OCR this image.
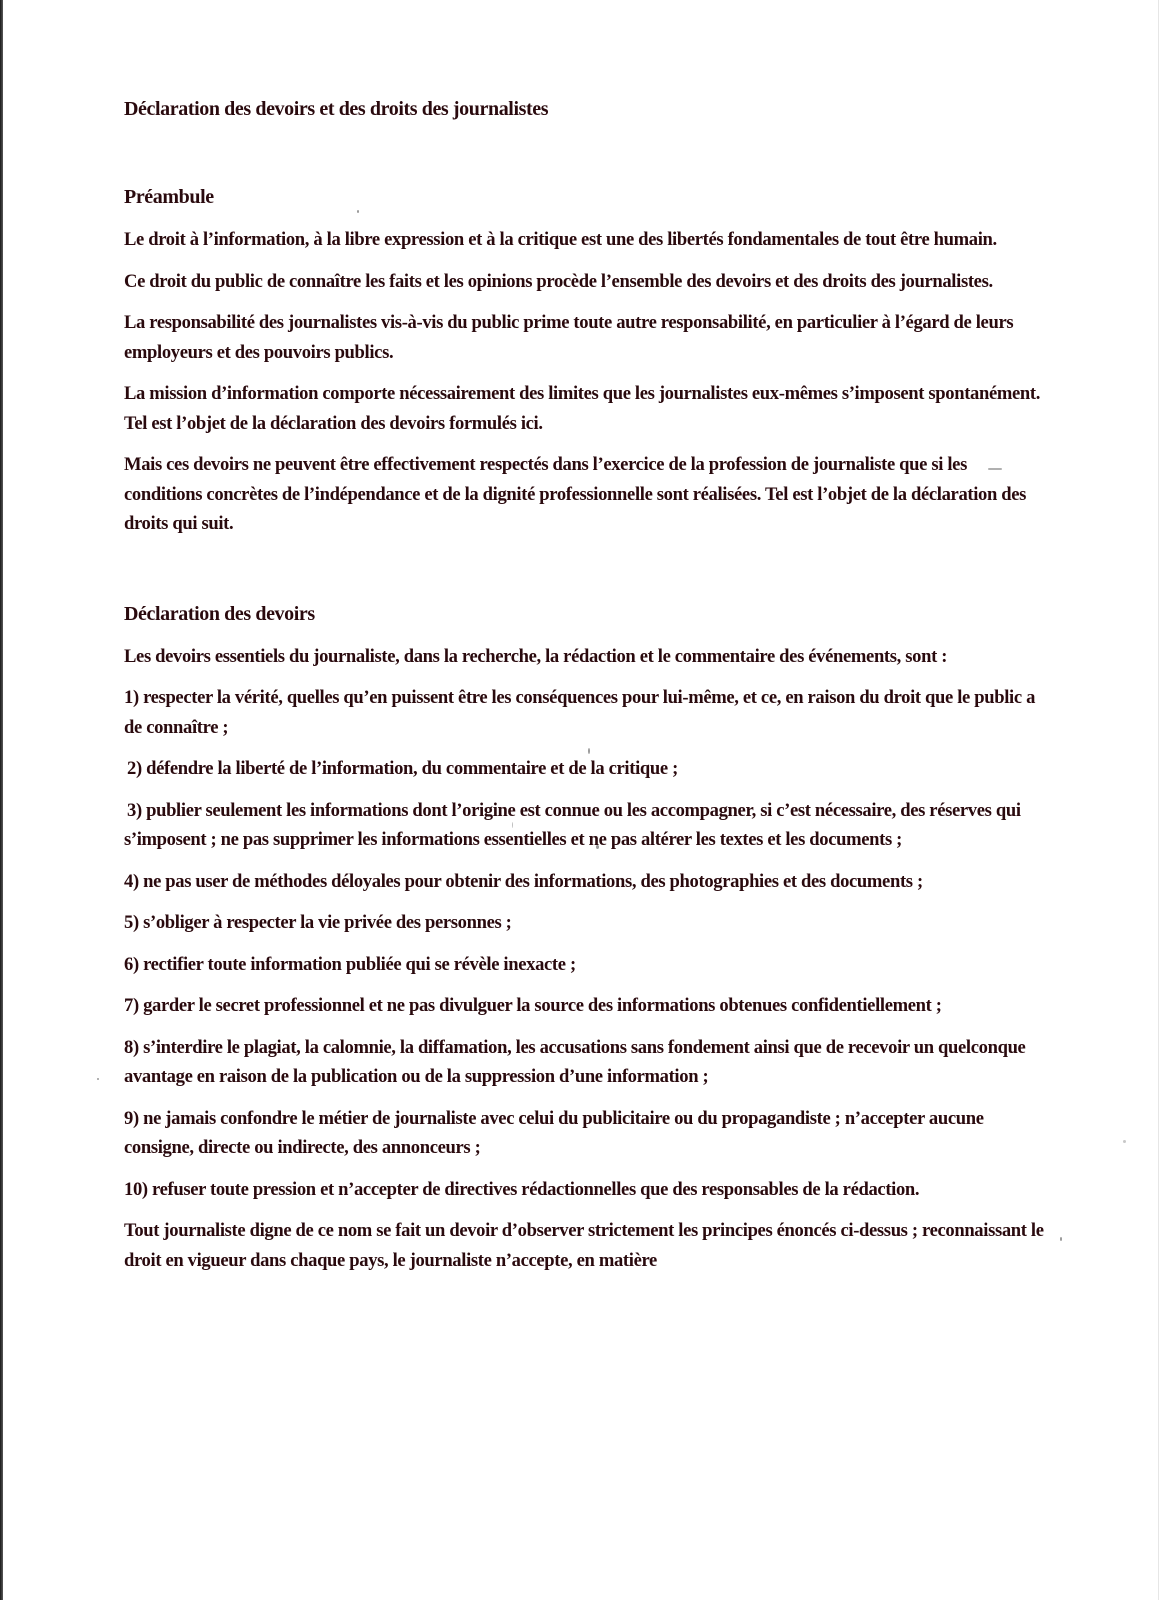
Déclaration des devoirs et des droits des journalistes
Préambule

Le droit à l’information, à la libre expression et à la critique est une des libertés fondamentales de tout être humain.

Ce droit du public de connaître les faits et les opinions procède l’ensemble des devoirs et des droits des journalistes.

La responsabilité des journalistes vis-à-vis du public prime toute autre responsabilité, en particulier à l’égard de leurs employeurs et des pouvoirs publics.

La mission d’information comporte nécessairement des limites que les journalistes eux-mêmes s’imposent spontanément. Tel est l’objet de la déclaration des devoirs formulés ici.

Mais ces devoirs ne peuvent être effectivement respectés dans l’exercice de la profession de journaliste que si les conditions concrètes de l’indépendance et de la dignité professionnelle sont réalisées. Tel est l’objet de la déclaration des droits qui suit.

Déclaration des devoirs

Les devoirs essentiels du journaliste, dans la recherche, la rédaction et le commentaire des événements, sont :

1) respecter la vérité, quelles qu’en puissent être les conséquences pour lui-même, et ce, en raison du droit que le public a de connaître ;

2) défendre la liberté de l’information, du commentaire et de la critique ;

3) publier seulement les informations dont l’origine est connue ou les accompagner, si c’est nécessaire, des réserves qui s’imposent ; ne pas supprimer les informations essentielles et ne pas altérer les textes et les documents ;

4) ne pas user de méthodes déloyales pour obtenir des informations, des photographies et des documents ;

5) s’obliger à respecter la vie privée des personnes ;

6) rectifier toute information publiée qui se révèle inexacte ;

7) garder le secret professionnel et ne pas divulguer la source des informations obtenues confidentiellement ;

8) s’interdire le plagiat, la calomnie, la diffamation, les accusations sans fondement ainsi que de recevoir un quelconque avantage en raison de la publication ou de la suppression d’une information ;

9) ne jamais confondre le métier de journaliste avec celui du publicitaire ou du propagandiste ; n’accepter aucune consigne, directe ou indirecte, des annonceurs ;

10) refuser toute pression et n’accepter de directives rédactionnelles que des responsables de la rédaction.

Tout journaliste digne de ce nom se fait un devoir d’observer strictement les principes énoncés ci-dessus ; reconnaissant le droit en vigueur dans chaque pays, le journaliste n’accepte, en matière
